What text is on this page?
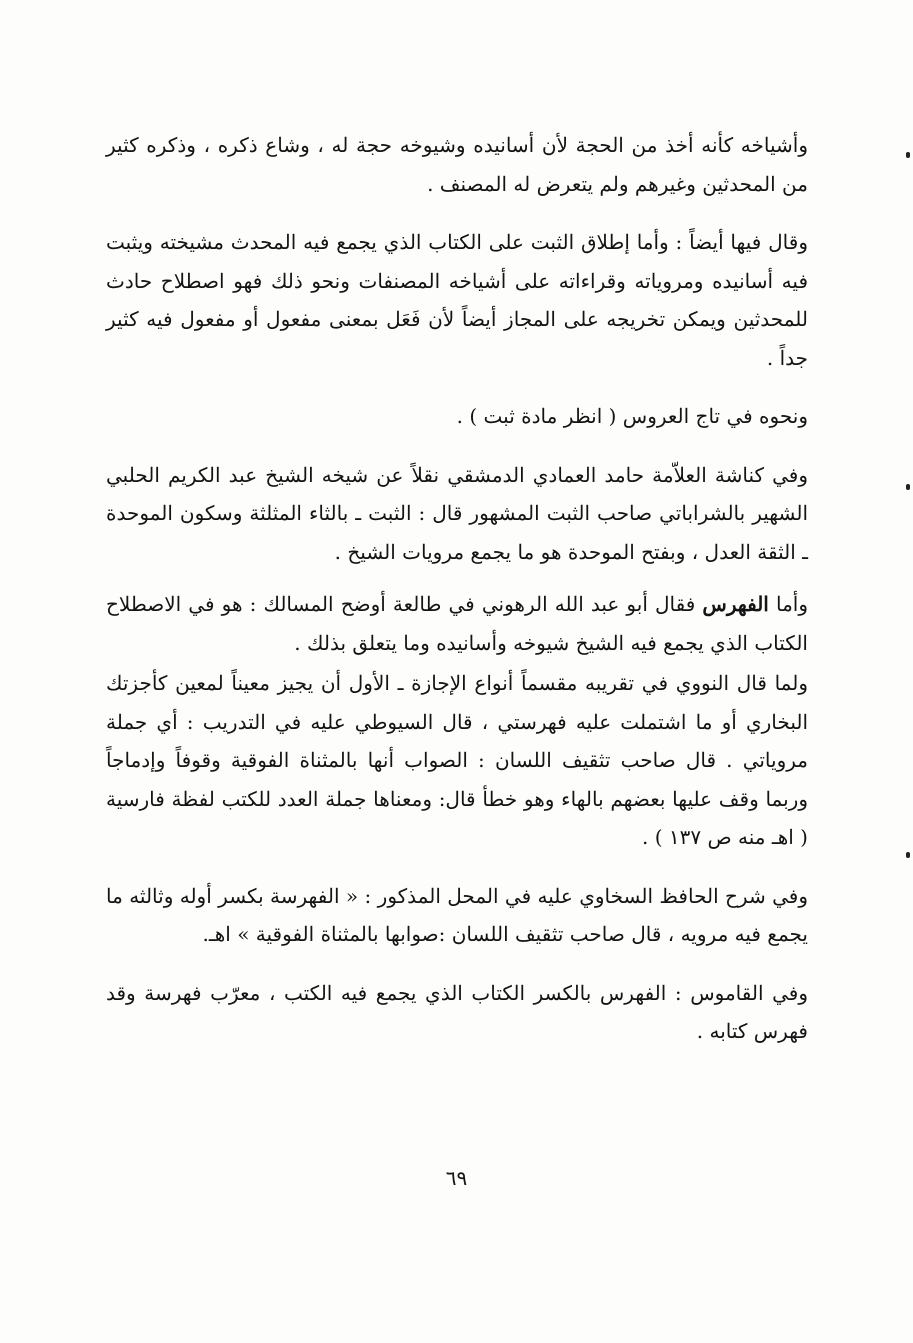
وأشياخه كأنه أخذ من الحجة لأن أسانيده وشيوخه حجة له ، وشاع ذكره ، وذكره كثير من المحدثين وغيرهم ولم يتعرض له المصنف .

وقال فيها أيضاً : وأما إطلاق الثبت على الكتاب الذي يجمع فيه المحدث مشيخته ويثبت فيه أسانيده ومروياته وقراءاته على أشياخه المصنفات ونحو ذلك فهو اصطلاح حادث للمحدثين ويمكن تخريجه على المجاز أيضاً لأن فَعَل بمعنى مفعول أو مفعول فيه كثير جداً .

ونحوه في تاج العروس ( انظر مادة ثبت ) .

وفي كناشة العلاّمة حامد العمادي الدمشقي نقلاً عن شيخه الشيخ عبد الكريم الحلبي الشهير بالشراباتي صاحب الثبت المشهور قال : الثبت ـ بالثاء المثلثة وسكون الموحدة ـ الثقة العدل ، وبفتح الموحدة هو ما يجمع مرويات الشيخ .

وأما الفهرس فقال أبو عبد الله الرهوني في طالعة أوضح المسالك : هو في الاصطلاح الكتاب الذي يجمع فيه الشيخ شيوخه وأسانيده وما يتعلق بذلك .

ولما قال النووي في تقريبه مقسماً أنواع الإجازة ـ الأول أن يجيز معيناً لمعين كأجزتك البخاري أو ما اشتملت عليه فهرستي ، قال السيوطي عليه في التدريب : أي جملة مروياتي . قال صاحب تثقيف اللسان : الصواب أنها بالمثناة الفوقية وقوفاً وإدماجاً وربما وقف عليها بعضهم بالهاء وهو خطأ قال: ومعناها جملة العدد للكتب لفظة فارسية ( اهـ منه ص ١٣٧ ) .

وفي شرح الحافظ السخاوي عليه في المحل المذكور : « الفهرسة بكسر أوله وثالثه ما يجمع فيه مرويه ، قال صاحب تثقيف اللسان :صوابها بالمثناة الفوقية » اهـ.

وفي القاموس : الفهرس بالكسر الكتاب الذي يجمع فيه الكتب ، معرّب فهرسة وقد فهرس كتابه .

٦٩
